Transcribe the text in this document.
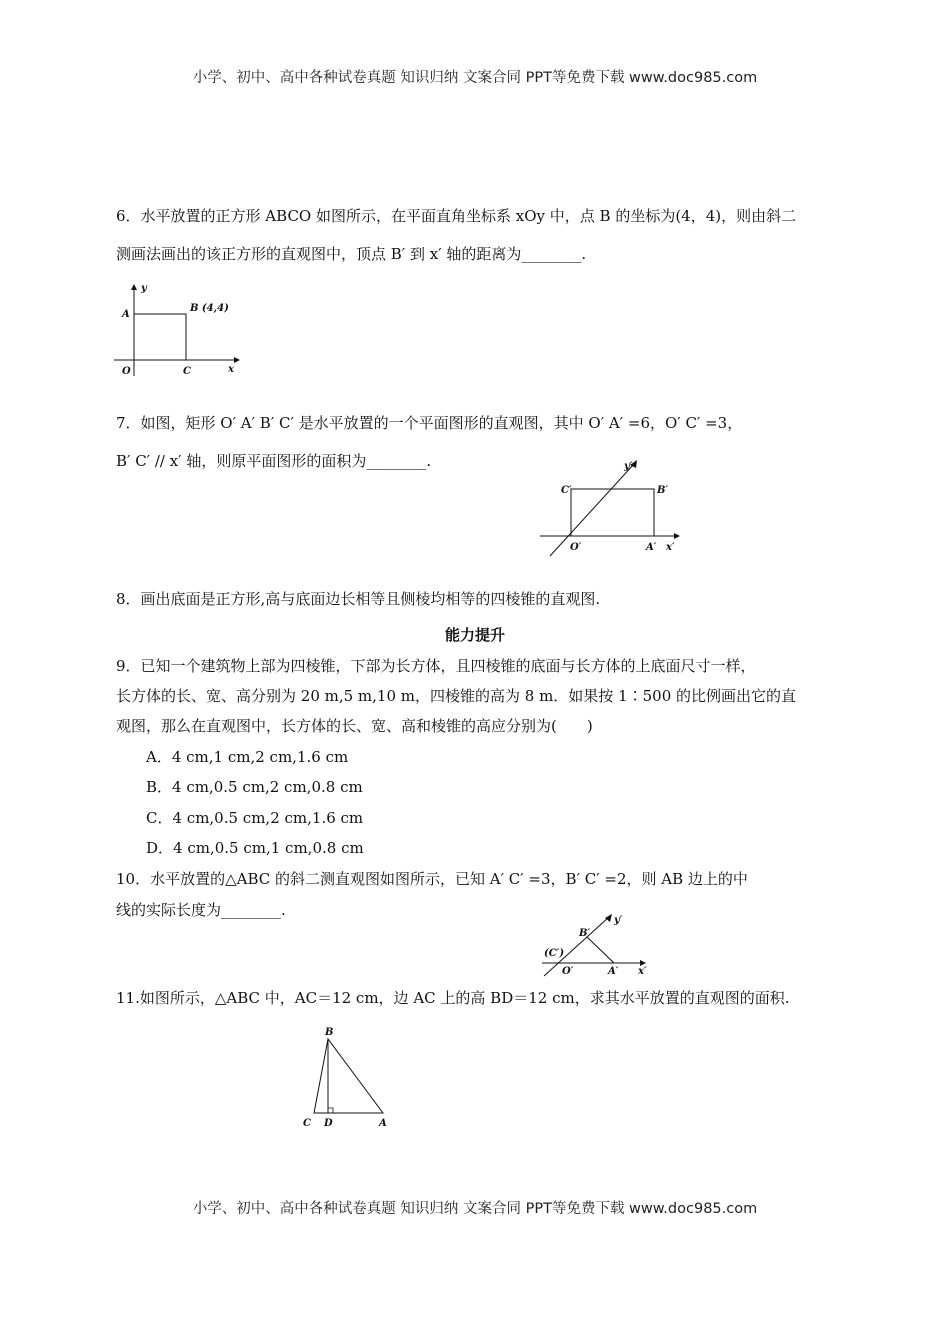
小学、初中、高中各种试卷真题 知识归纳 文案合同 PPT等免费下载 www.doc985.com
6．水平放置的正方形 ABCO 如图所示，在平面直角坐标系 xOy 中，点 B 的坐标为(4，4)，则由斜二
测画法画出的该正方形的直观图中，顶点 B′ 到 x′ 轴的距离为________.
y
A
B (4,4)
O	C	x
7．如图，矩形 O′ A′ B′ C′ 是水平放置的一个平面图形的直观图，其中 O′ A′ =6，O′ C′ =3，
B′ C′ // x′ 轴，则原平面图形的面积为________.	y′
C′	B′
O′	A′ x′
8．画出底面是正方形,高与底面边长相等且侧棱均相等的四棱锥的直观图.
能力提升
9．已知一个建筑物上部为四棱锥，下部为长方体，且四棱锥的底面与长方体的上底面尺寸一样，
长方体的长、宽、高分别为 20 m,5 m,10 m，四棱锥的高为 8 m．如果按 1∶500 的比例画出它的直
观图，那么在直观图中，长方体的长、宽、高和棱锥的高应分别为(　　)
A．4 cm,1 cm,2 cm,1.6 cm
B．4 cm,0.5 cm,2 cm,0.8 cm
C．4 cm,0.5 cm,2 cm,1.6 cm
D．4 cm,0.5 cm,1 cm,0.8 cm
10．水平放置的△ABC 的斜二测直观图如图所示，已知 A′ C′ =3，B′ C′ =2，则 AB 边上的中
线的实际长度为________.
y′
B′
(C′)
O′	A′ x′
11.如图所示，△ABC 中，AC＝12 cm，边 AC 上的高 BD＝12 cm，求其水平放置的直观图的面积.
B
C D	A
小学、初中、高中各种试卷真题 知识归纳 文案合同 PPT等免费下载 www.doc985.com
